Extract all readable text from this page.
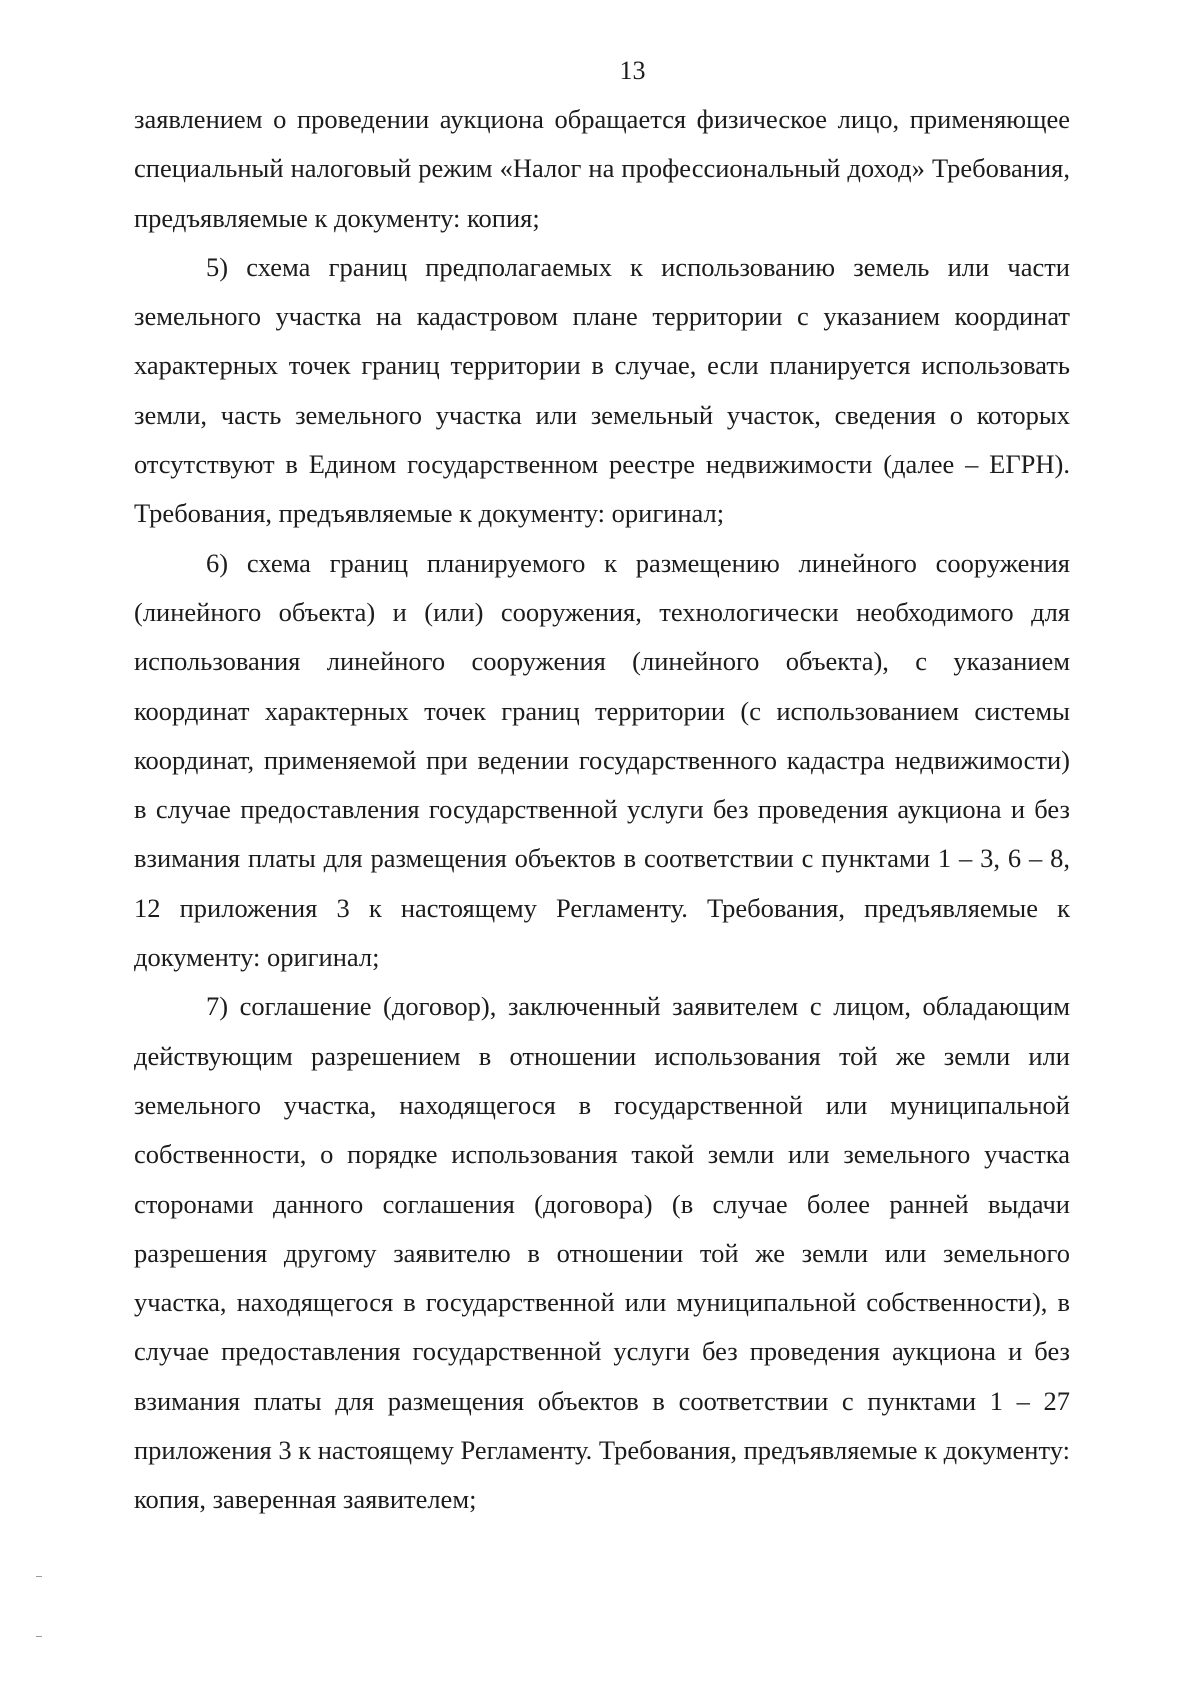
13

заявлением о проведении аукциона обращается физическое лицо, применяющее специальный налоговый режим «Налог на профессиональный доход» Требования, предъявляемые к документу: копия;

5) схема границ предполагаемых к использованию земель или части земельного участка на кадастровом плане территории с указанием координат характерных точек границ территории в случае, если планируется использовать земли, часть земельного участка или земельный участок, сведения о которых отсутствуют в Едином государственном реестре недвижимости (далее – ЕГРН). Требования, предъявляемые к документу: оригинал;

6) схема границ планируемого к размещению линейного сооружения (линейного объекта) и (или) сооружения, технологически необходимого для использования линейного сооружения (линейного объекта), с указанием координат характерных точек границ территории (с использованием системы координат, применяемой при ведении государственного кадастра недвижимости) в случае предоставления государственной услуги без проведения аукциона и без взимания платы для размещения объектов в соответствии с пунктами 1 – 3, 6 – 8, 12 приложения 3 к настоящему Регламенту. Требования, предъявляемые к документу: оригинал;

7) соглашение (договор), заключенный заявителем с лицом, обладающим действующим разрешением в отношении использования той же земли или земельного участка, находящегося в государственной или муниципальной собственности, о порядке использования такой земли или земельного участка сторонами данного соглашения (договора) (в случае более ранней выдачи разрешения другому заявителю в отношении той же земли или земельного участка, находящегося в государственной или муниципальной собственности), в случае предоставления государственной услуги без проведения аукциона и без взимания платы для размещения объектов в соответствии с пунктами 1 – 27 приложения 3 к настоящему Регламенту. Требования, предъявляемые к документу: копия, заверенная заявителем;
